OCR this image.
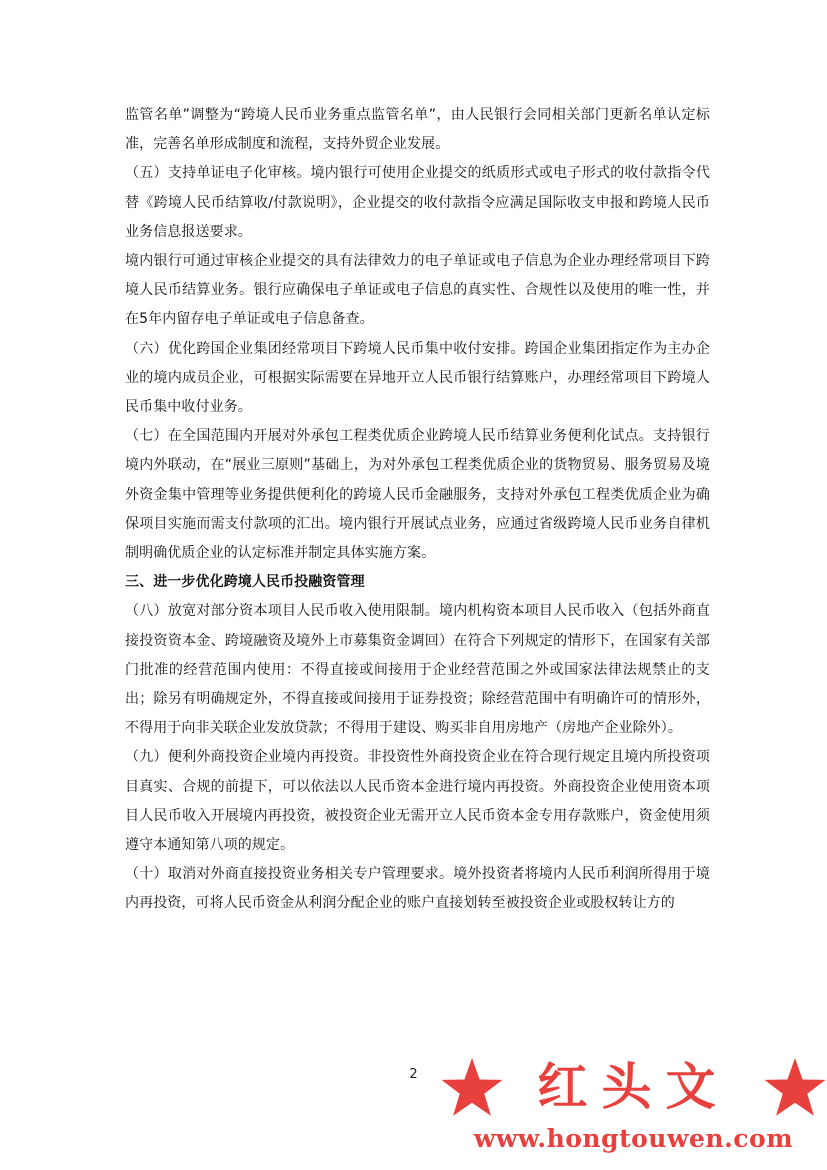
监管名单”调整为“跨境人民币业务重点监管名单”，由人民银行会同相关部门更新名单认定标准，完善名单形成制度和流程，支持外贸企业发展。

（五）支持单证电子化审核。境内银行可使用企业提交的纸质形式或电子形式的收付款指令代替《跨境人民币结算收/付款说明》，企业提交的收付款指令应满足国际收支申报和跨境人民币业务信息报送要求。

境内银行可通过审核企业提交的具有法律效力的电子单证或电子信息为企业办理经常项目下跨境人民币结算业务。银行应确保电子单证或电子信息的真实性、合规性以及使用的唯一性，并在5年内留存电子单证或电子信息备查。

（六）优化跨国企业集团经常项目下跨境人民币集中收付安排。跨国企业集团指定作为主办企业的境内成员企业，可根据实际需要在异地开立人民币银行结算账户，办理经常项目下跨境人民币集中收付业务。

（七）在全国范围内开展对外承包工程类优质企业跨境人民币结算业务便利化试点。支持银行境内外联动，在“展业三原则”基础上，为对外承包工程类优质企业的货物贸易、服务贸易及境外资金集中管理等业务提供便利化的跨境人民币金融服务，支持对外承包工程类优质企业为确保项目实施而需支付款项的汇出。境内银行开展试点业务，应通过省级跨境人民币业务自律机制明确优质企业的认定标准并制定具体实施方案。

三、进一步优化跨境人民币投融资管理

（八）放宽对部分资本项目人民币收入使用限制。境内机构资本项目人民币收入（包括外商直接投资资本金、跨境融资及境外上市募集资金调回）在符合下列规定的情形下，在国家有关部门批准的经营范围内使用：不得直接或间接用于企业经营范围之外或国家法律法规禁止的支出；除另有明确规定外，不得直接或间接用于证券投资；除经营范围中有明确许可的情形外，不得用于向非关联企业发放贷款；不得用于建设、购买非自用房地产（房地产企业除外）。

（九）便利外商投资企业境内再投资。非投资性外商投资企业在符合现行规定且境内所投资项目真实、合规的前提下，可以依法以人民币资本金进行境内再投资。外商投资企业使用资本项目人民币收入开展境内再投资，被投资企业无需开立人民币资本金专用存款账户，资金使用须遵守本通知第八项的规定。

（十）取消对外商直接投资业务相关专户管理要求。境外投资者将境内人民币利润所得用于境内再投资，可将人民币资金从利润分配企业的账户直接划转至被投资企业或股权转让方的

2	红头文
www.hongtouwen.com
